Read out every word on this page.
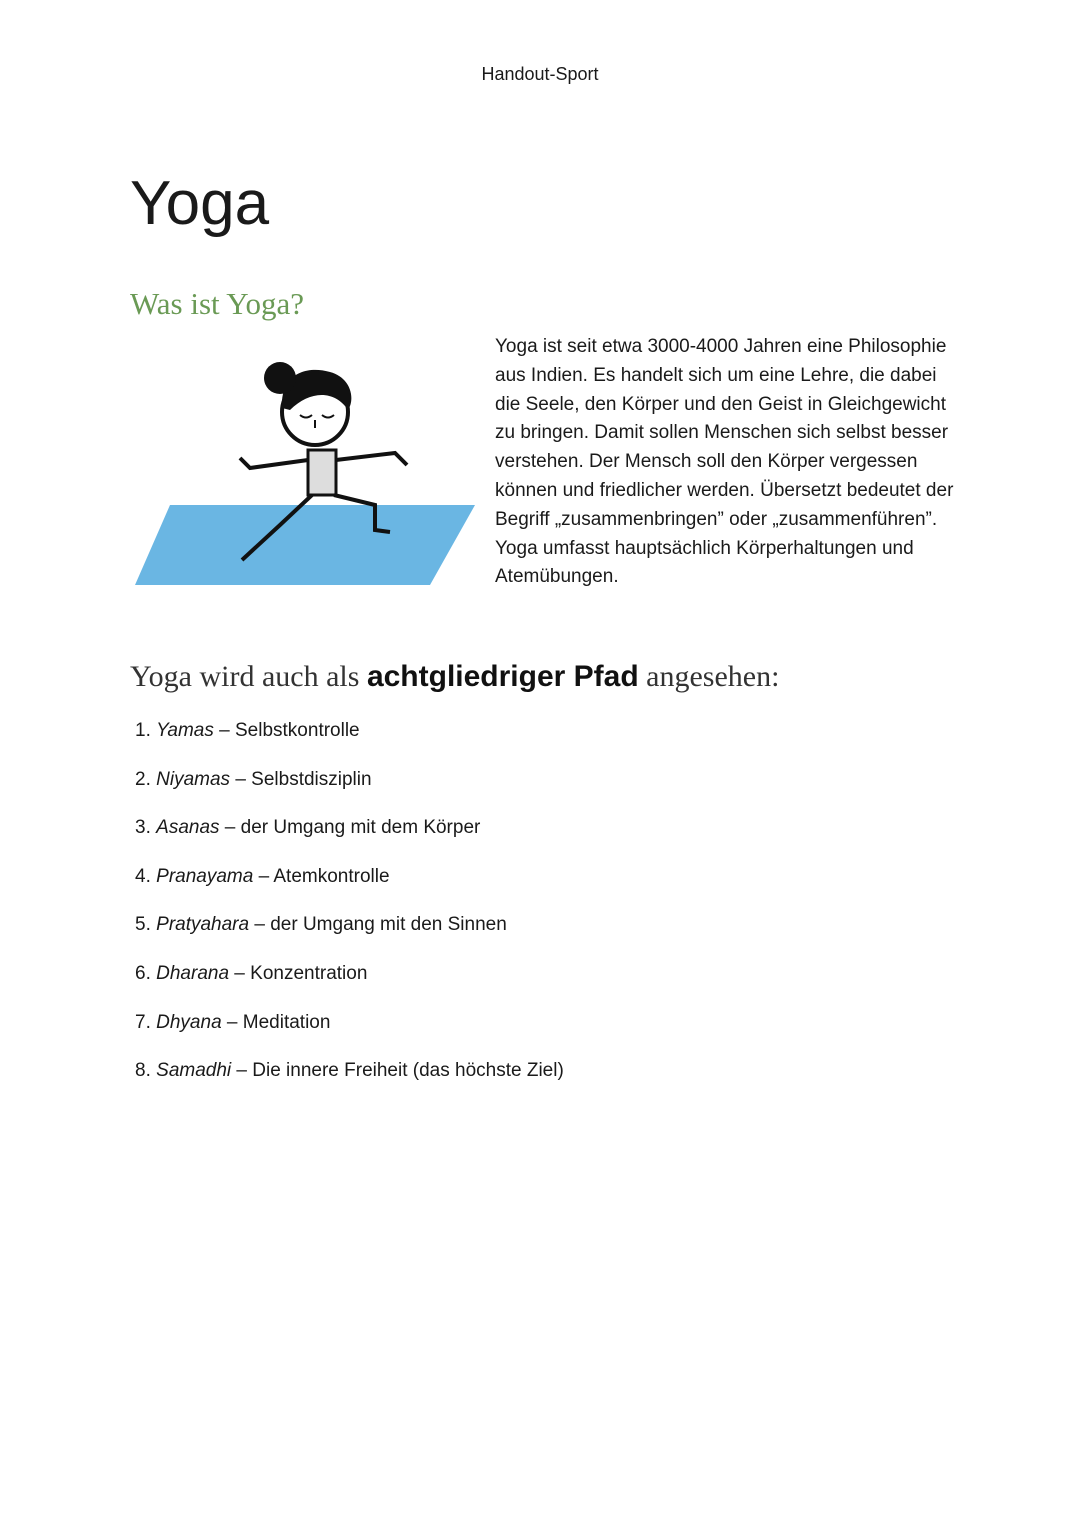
Handout-Sport
Yoga
Was ist Yoga?
Yoga ist seit etwa 3000-4000 Jahren eine Philosophie aus Indien. Es handelt sich um eine Lehre, die dabei die Seele, den Körper und den Geist in Gleichgewicht zu bringen. Damit sollen Menschen sich selbst besser verstehen. Der Mensch soll den Körper vergessen können und friedlicher werden. Übersetzt bedeutet der Begriff „zusammenbringen” oder „zusammenführen”. Yoga umfasst hauptsächlich Körperhaltungen und Atemübungen.
Yoga wird auch als achtgliedriger Pfad angesehen:
1. Yamas – Selbstkontrolle
2. Niyamas – Selbstdisziplin
3. Asanas – der Umgang mit dem Körper
4. Pranayama – Atemkontrolle
5. Pratyahara – der Umgang mit den Sinnen
6. Dharana – Konzentration
7. Dhyana – Meditation
8. Samadhi – Die innere Freiheit (das höchste Ziel)
